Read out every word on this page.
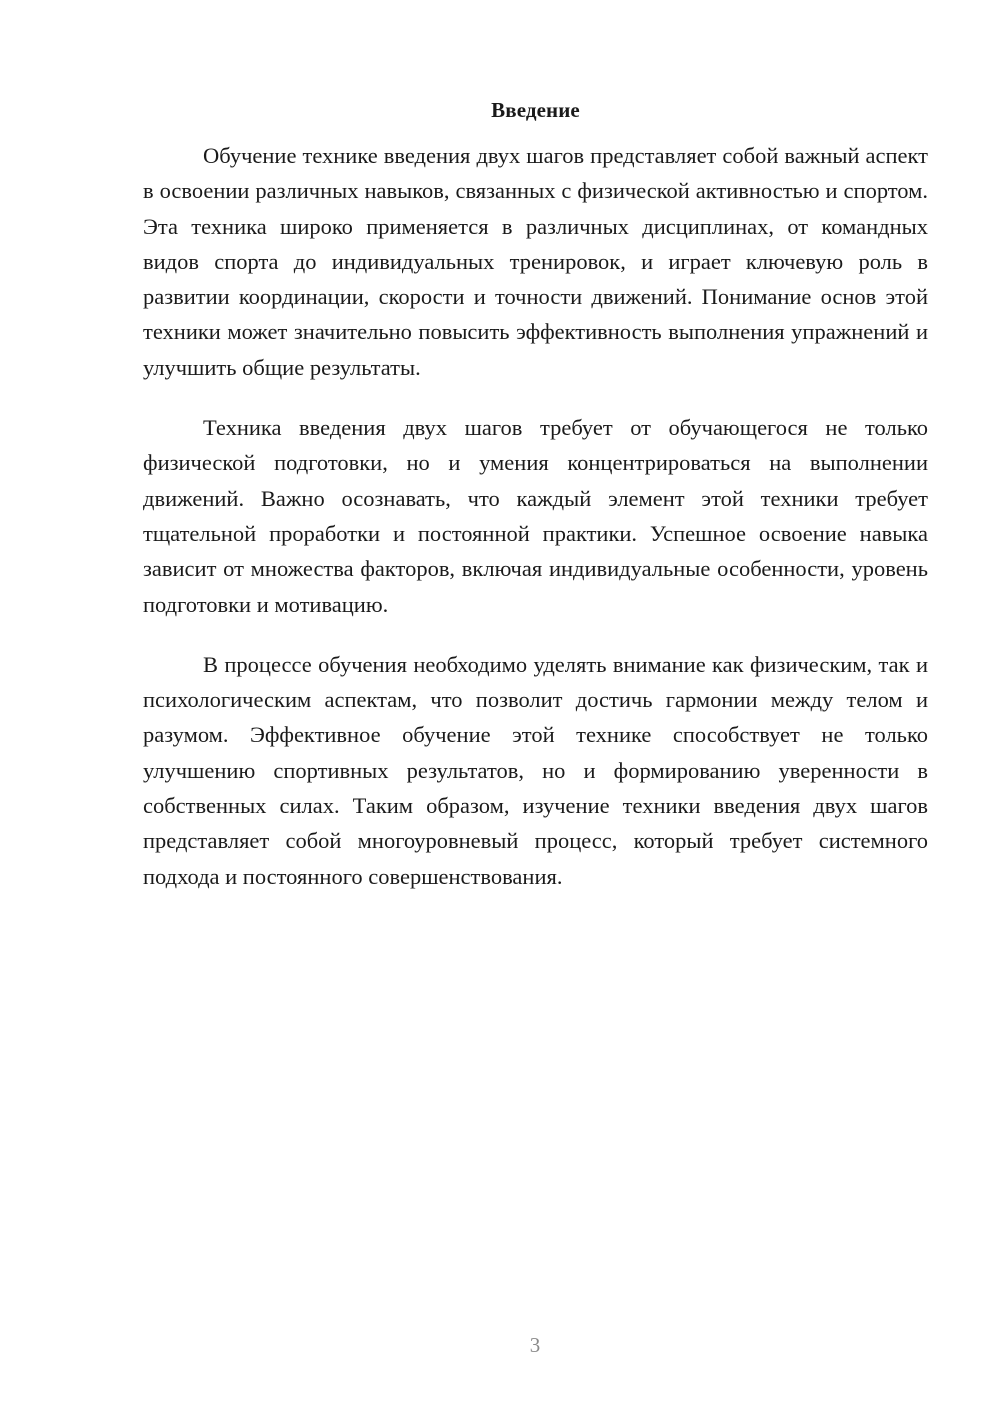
Введение

Обучение технике введения двух шагов представляет собой важный аспект в освоении различных навыков, связанных с физической активностью и спортом. Эта техника широко применяется в различных дисциплинах, от командных видов спорта до индивидуальных тренировок, и играет ключевую роль в развитии координации, скорости и точности движений. Понимание основ этой техники может значительно повысить эффективность выполнения упражнений и улучшить общие результаты.

Техника введения двух шагов требует от обучающегося не только физической подготовки, но и умения концентрироваться на выполнении движений. Важно осознавать, что каждый элемент этой техники требует тщательной проработки и постоянной практики. Успешное освоение навыка зависит от множества факторов, включая индивидуальные особенности, уровень подготовки и мотивацию.

В процессе обучения необходимо уделять внимание как физическим, так и психологическим аспектам, что позволит достичь гармонии между телом и разумом. Эффективное обучение этой технике способствует не только улучшению спортивных результатов, но и формированию уверенности в собственных силах. Таким образом, изучение техники введения двух шагов представляет собой многоуровневый процесс, который требует системного подхода и постоянного совершенствования.

3
